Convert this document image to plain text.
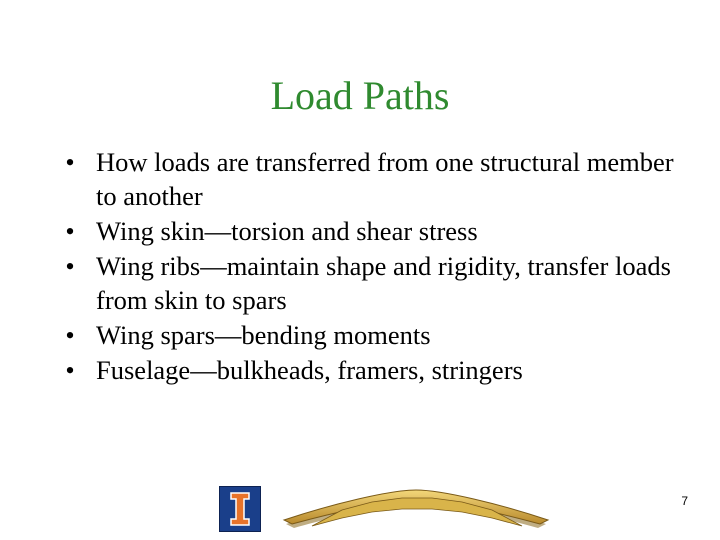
Load Paths
• How loads are transferred from one structural member to another
• Wing skin—torsion and shear stress
• Wing ribs—maintain shape and rigidity, transfer loads from skin to spars
• Wing spars—bending moments
• Fuselage—bulkheads, framers, stringers
7
